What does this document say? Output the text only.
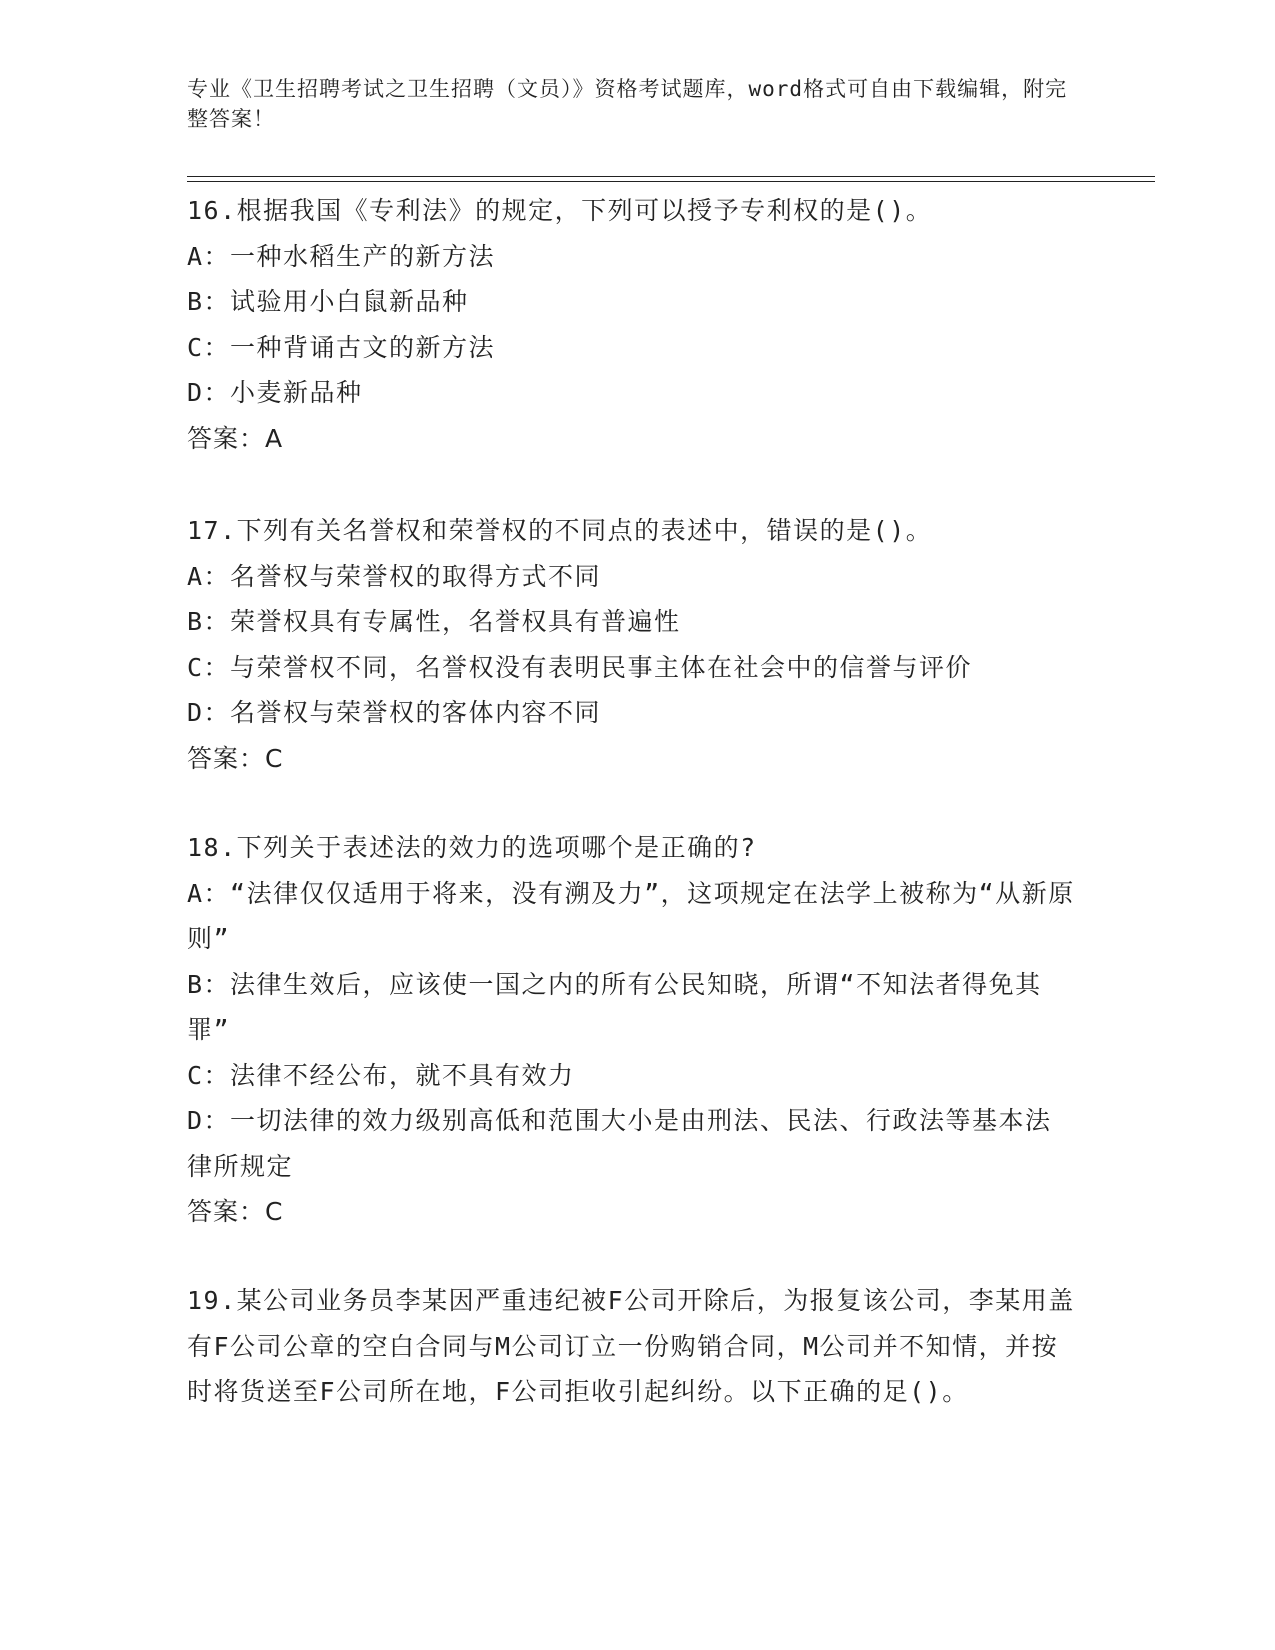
专业《卫生招聘考试之卫生招聘（文员）》资格考试题库，word格式可自由下载编辑，附完整答案！
16.根据我国《专利法》的规定，下列可以授予专利权的是()。
A：一种水稻生产的新方法
B：试验用小白鼠新品种
C：一种背诵古文的新方法
D：小麦新品种
答案：A
17.下列有关名誉权和荣誉权的不同点的表述中，错误的是()。
A：名誉权与荣誉权的取得方式不同
B：荣誉权具有专属性，名誉权具有普遍性
C：与荣誉权不同，名誉权没有表明民事主体在社会中的信誉与评价
D：名誉权与荣誉权的客体内容不同
答案：C
18.下列关于表述法的效力的选项哪个是正确的?
A：“法律仅仅适用于将来，没有溯及力”，这项规定在法学上被称为“从新原则”
B：法律生效后，应该使一国之内的所有公民知晓，所谓“不知法者得免其罪”
C：法律不经公布，就不具有效力
D：一切法律的效力级别高低和范围大小是由刑法、民法、行政法等基本法律所规定
答案：C
19.某公司业务员李某因严重违纪被F公司开除后，为报复该公司，李某用盖有F公司公章的空白合同与M公司订立一份购销合同，M公司并不知情，并按时将货送至F公司所在地，F公司拒收引起纠纷。以下正确的足()。
